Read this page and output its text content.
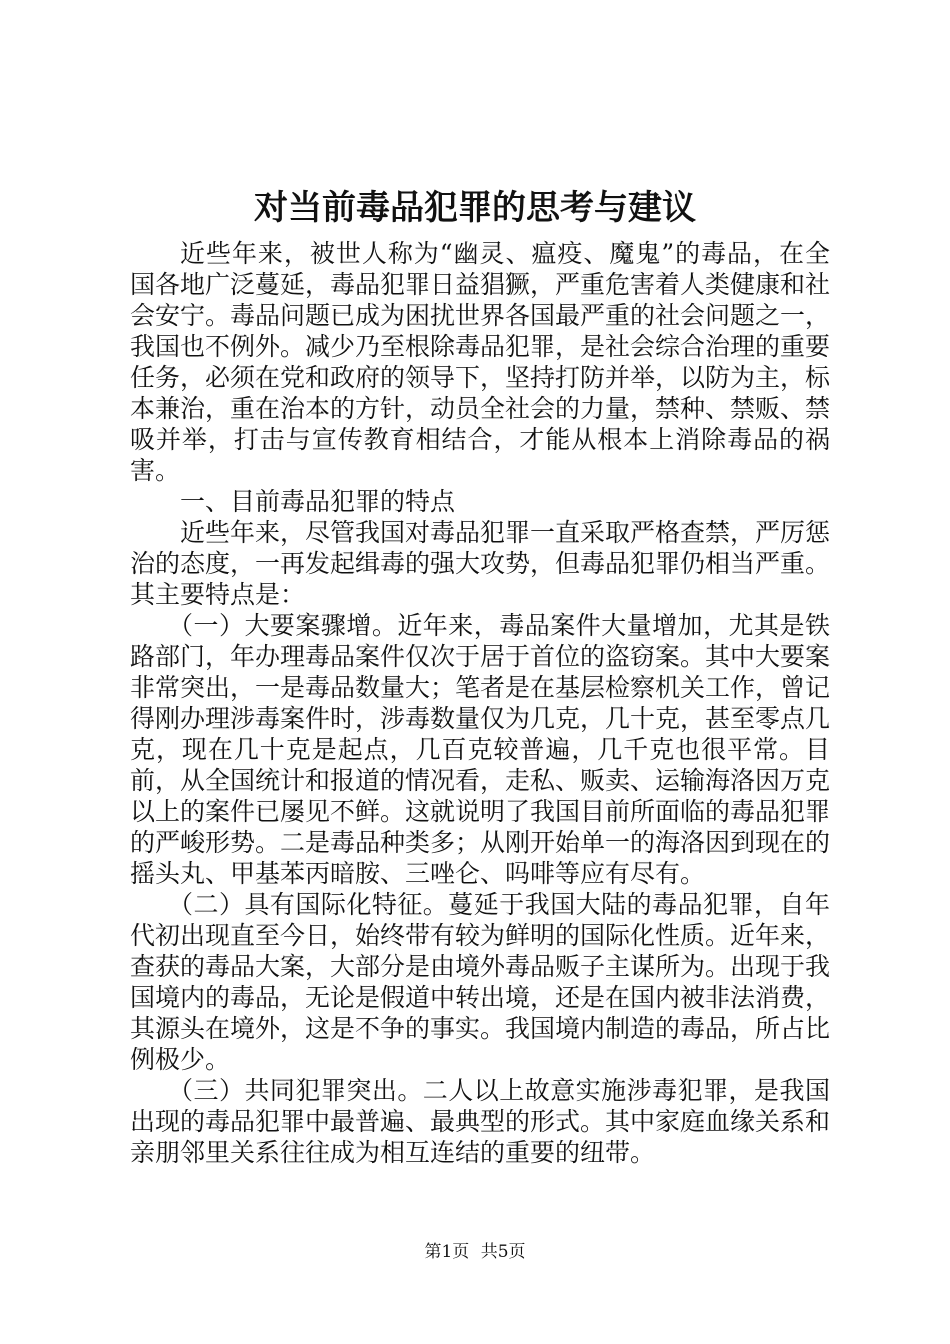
对当前毒品犯罪的思考与建议

近些年来，被世人称为“幽灵、瘟疫、魔鬼”的毒品，在全国各地广泛蔓延，毒品犯罪日益猖獗，严重危害着人类健康和社会安宁。毒品问题已成为困扰世界各国最严重的社会问题之一，我国也不例外。减少乃至根除毒品犯罪，是社会综合治理的重要任务，必须在党和政府的领导下，坚持打防并举，以防为主，标本兼治，重在治本的方针，动员全社会的力量，禁种、禁贩、禁吸并举，打击与宣传教育相结合，才能从根本上消除毒品的祸害。

一、目前毒品犯罪的特点

近些年来，尽管我国对毒品犯罪一直采取严格查禁，严厉惩治的态度，一再发起缉毒的强大攻势，但毒品犯罪仍相当严重。其主要特点是：

（一）大要案骤增。近年来，毒品案件大量增加，尤其是铁路部门，年办理毒品案件仅次于居于首位的盗窃案。其中大要案非常突出，一是毒品数量大；笔者是在基层检察机关工作，曾记得刚办理涉毒案件时，涉毒数量仅为几克，几十克，甚至零点几克，现在几十克是起点，几百克较普遍，几千克也很平常。目前，从全国统计和报道的情况看，走私、贩卖、运输海洛因万克以上的案件已屡见不鲜。这就说明了我国目前所面临的毒品犯罪的严峻形势。二是毒品种类多；从刚开始单一的海洛因到现在的摇头丸、甲基苯丙暗胺、三唑仑、吗啡等应有尽有。

（二）具有国际化特征。蔓延于我国大陆的毒品犯罪，自年代初出现直至今日，始终带有较为鲜明的国际化性质。近年来，查获的毒品大案，大部分是由境外毒品贩子主谋所为。出现于我国境内的毒品，无论是假道中转出境，还是在国内被非法消费，其源头在境外，这是不争的事实。我国境内制造的毒品，所占比例极少。

（三）共同犯罪突出。二人以上故意实施涉毒犯罪，是我国出现的毒品犯罪中最普遍、最典型的形式。其中家庭血缘关系和亲朋邻里关系往往成为相互连结的重要的纽带。

第1页 共5页
